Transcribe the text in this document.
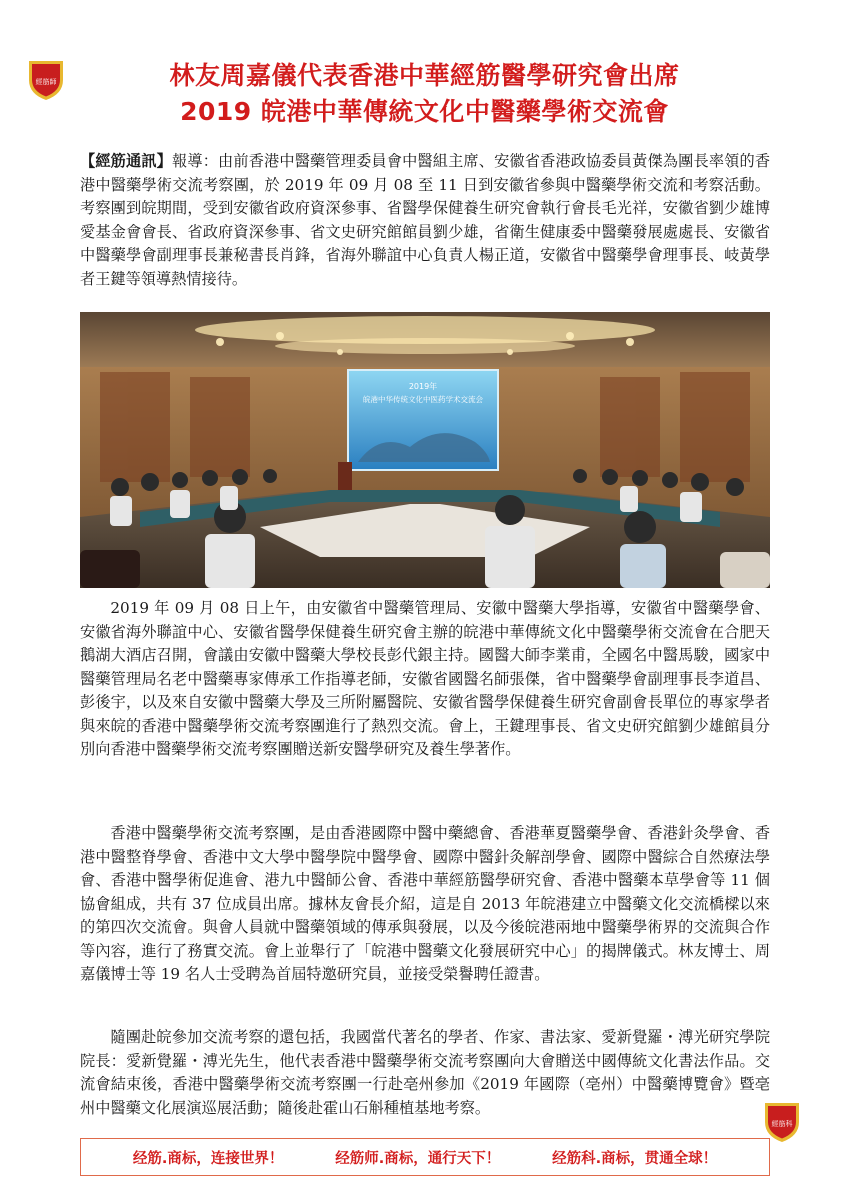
經筋師	林友周嘉儀代表香港中華經筋醫學研究會出席
2019 皖港中華傳統文化中醫藥學術交流會

【經筋通訊】報導：由前香港中醫藥管理委員會中醫組主席、安徽省香港政協委員黃傑為團長率領的香港中醫藥學術交流考察團，於 2019 年 09 月 08 至 11 日到安徽省參與中醫藥學術交流和考察活動。考察團到皖期間，受到安徽省政府資深參事、省醫學保健養生研究會執行會長毛光祥，安徽省劉少雄博愛基金會會長、省政府資深參事、省文史研究館館員劉少雄，省衛生健康委中醫藥發展處處長、安徽省中醫藥學會副理事長兼秘書長肖鋒，省海外聯誼中心負責人楊正道，安徽省中醫藥學會理事長、岐黃學者王鍵等領導熱情接待。

2019年
皖港中华传统文化中医药学术交流会

2019 年 09 月 08 日上午，由安徽省中醫藥管理局、安徽中醫藥大學指導，安徽省中醫藥學會、安徽省海外聯誼中心、安徽省醫學保健養生研究會主辦的皖港中華傳統文化中醫藥學術交流會在合肥天鵝湖大酒店召開，會議由安徽中醫藥大學校長彭代銀主持。國醫大師李業甫，全國名中醫馬駿，國家中醫藥管理局名老中醫藥專家傳承工作指導老師，安徽省國醫名師張傑，省中醫藥學會副理事長李道昌、彭後宇，以及來自安徽中醫藥大學及三所附屬醫院、安徽省醫學保健養生研究會副會長單位的專家學者與來皖的香港中醫藥學術交流考察團進行了熱烈交流。會上，王鍵理事長、省文史研究館劉少雄館員分別向香港中醫藥學術交流考察團贈送新安醫學研究及養生學著作。

香港中醫藥學術交流考察團，是由香港國際中醫中藥總會、香港華夏醫藥學會、香港針灸學會、香港中醫整脊學會、香港中文大學中醫學院中醫學會、國際中醫針灸解剖學會、國際中醫綜合自然療法學會、香港中醫學術促進會、港九中醫師公會、香港中華經筋醫學研究會、香港中醫藥本草學會等 11 個協會組成，共有 37 位成員出席。據林友會長介紹，這是自 2013 年皖港建立中醫藥文化交流橋樑以來的第四次交流會。與會人員就中醫藥領域的傳承與發展，以及今後皖港兩地中醫藥學術界的交流與合作等內容，進行了務實交流。會上並舉行了「皖港中醫藥文化發展研究中心」的揭牌儀式。林友博士、周嘉儀博士等 19 名人士受聘為首屆特邀研究員，並接受榮譽聘任證書。

隨團赴皖參加交流考察的還包括，我國當代著名的學者、作家、書法家、愛新覺羅・溥光研究學院院長：愛新覺羅・溥光先生，他代表香港中醫藥學術交流考察團向大會贈送中國傳統文化書法作品。交流會結束後，香港中醫藥學術交流考察團一行赴亳州參加《2019 年國際（亳州）中醫藥博覽會》暨亳州中醫藥文化展演巡展活動；隨後赴霍山石斛種植基地考察。

經筋科
经筋.商标，连接世界！	经筋师.商标，通行天下！	经筋科.商标，贯通全球！
